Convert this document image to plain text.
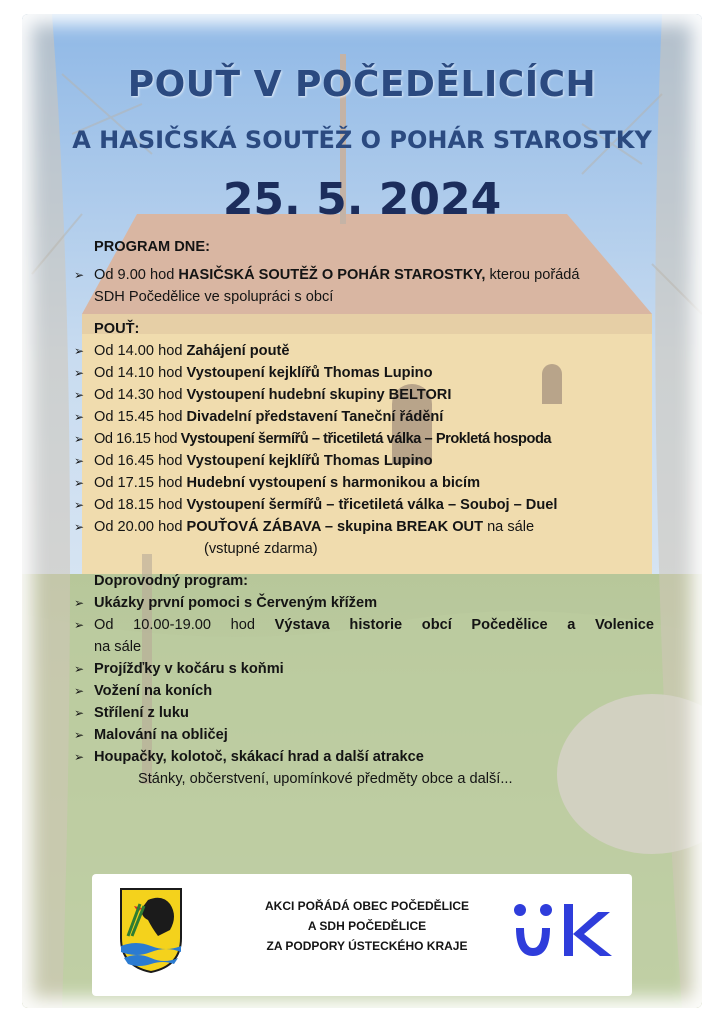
POUŤ V POČEDĚLICÍCH
A HASIČSKÁ SOUTĚŽ O POHÁR STAROSTKY
25. 5. 2024
PROGRAM DNE:
➢ Od 9.00 hod HASIČSKÁ SOUTĚŽ O POHÁR STAROSTKY, kterou pořádá
SDH Počedělice ve spolupráci s obcí
POUŤ:
➢ Od 14.00 hod Zahájení poutě
➢ Od 14.10 hod Vystoupení kejklířů Thomas Lupino
➢ Od 14.30 hod Vystoupení hudební skupiny BELTORI
➢ Od 15.45 hod Divadelní představení Taneční řádění
➢ Od 16.15 hod Vystoupení šermířů – třicetiletá válka – Prokletá hospoda
➢ Od 16.45 hod Vystoupení kejklířů Thomas Lupino
➢ Od 17.15 hod Hudební vystoupení s harmonikou a bicím
➢ Od 18.15 hod Vystoupení šermířů – třicetiletá válka – Souboj – Duel
➢ Od 20.00 hod POUŤOVÁ ZÁBAVA – skupina BREAK OUT na sále
(vstupné zdarma)
Doprovodný program:
➢ Ukázky první pomoci s Červeným křížem
➢ Od 10.00-19.00 hod Výstava historie obcí Počedělice a Volenice
na sále
➢ Projížďky v kočáru s koňmi
➢ Vožení na koních
➢ Střílení z luku
➢ Malování na obličej
➢ Houpačky, kolotoč, skákací hrad a další atrakce
Stánky, občerstvení, upomínkové předměty obce a další...
AKCI POŘÁDÁ OBEC POČEDĚLICE
A SDH POČEDĚLICE
ZA PODPORY ÚSTECKÉHO KRAJE
